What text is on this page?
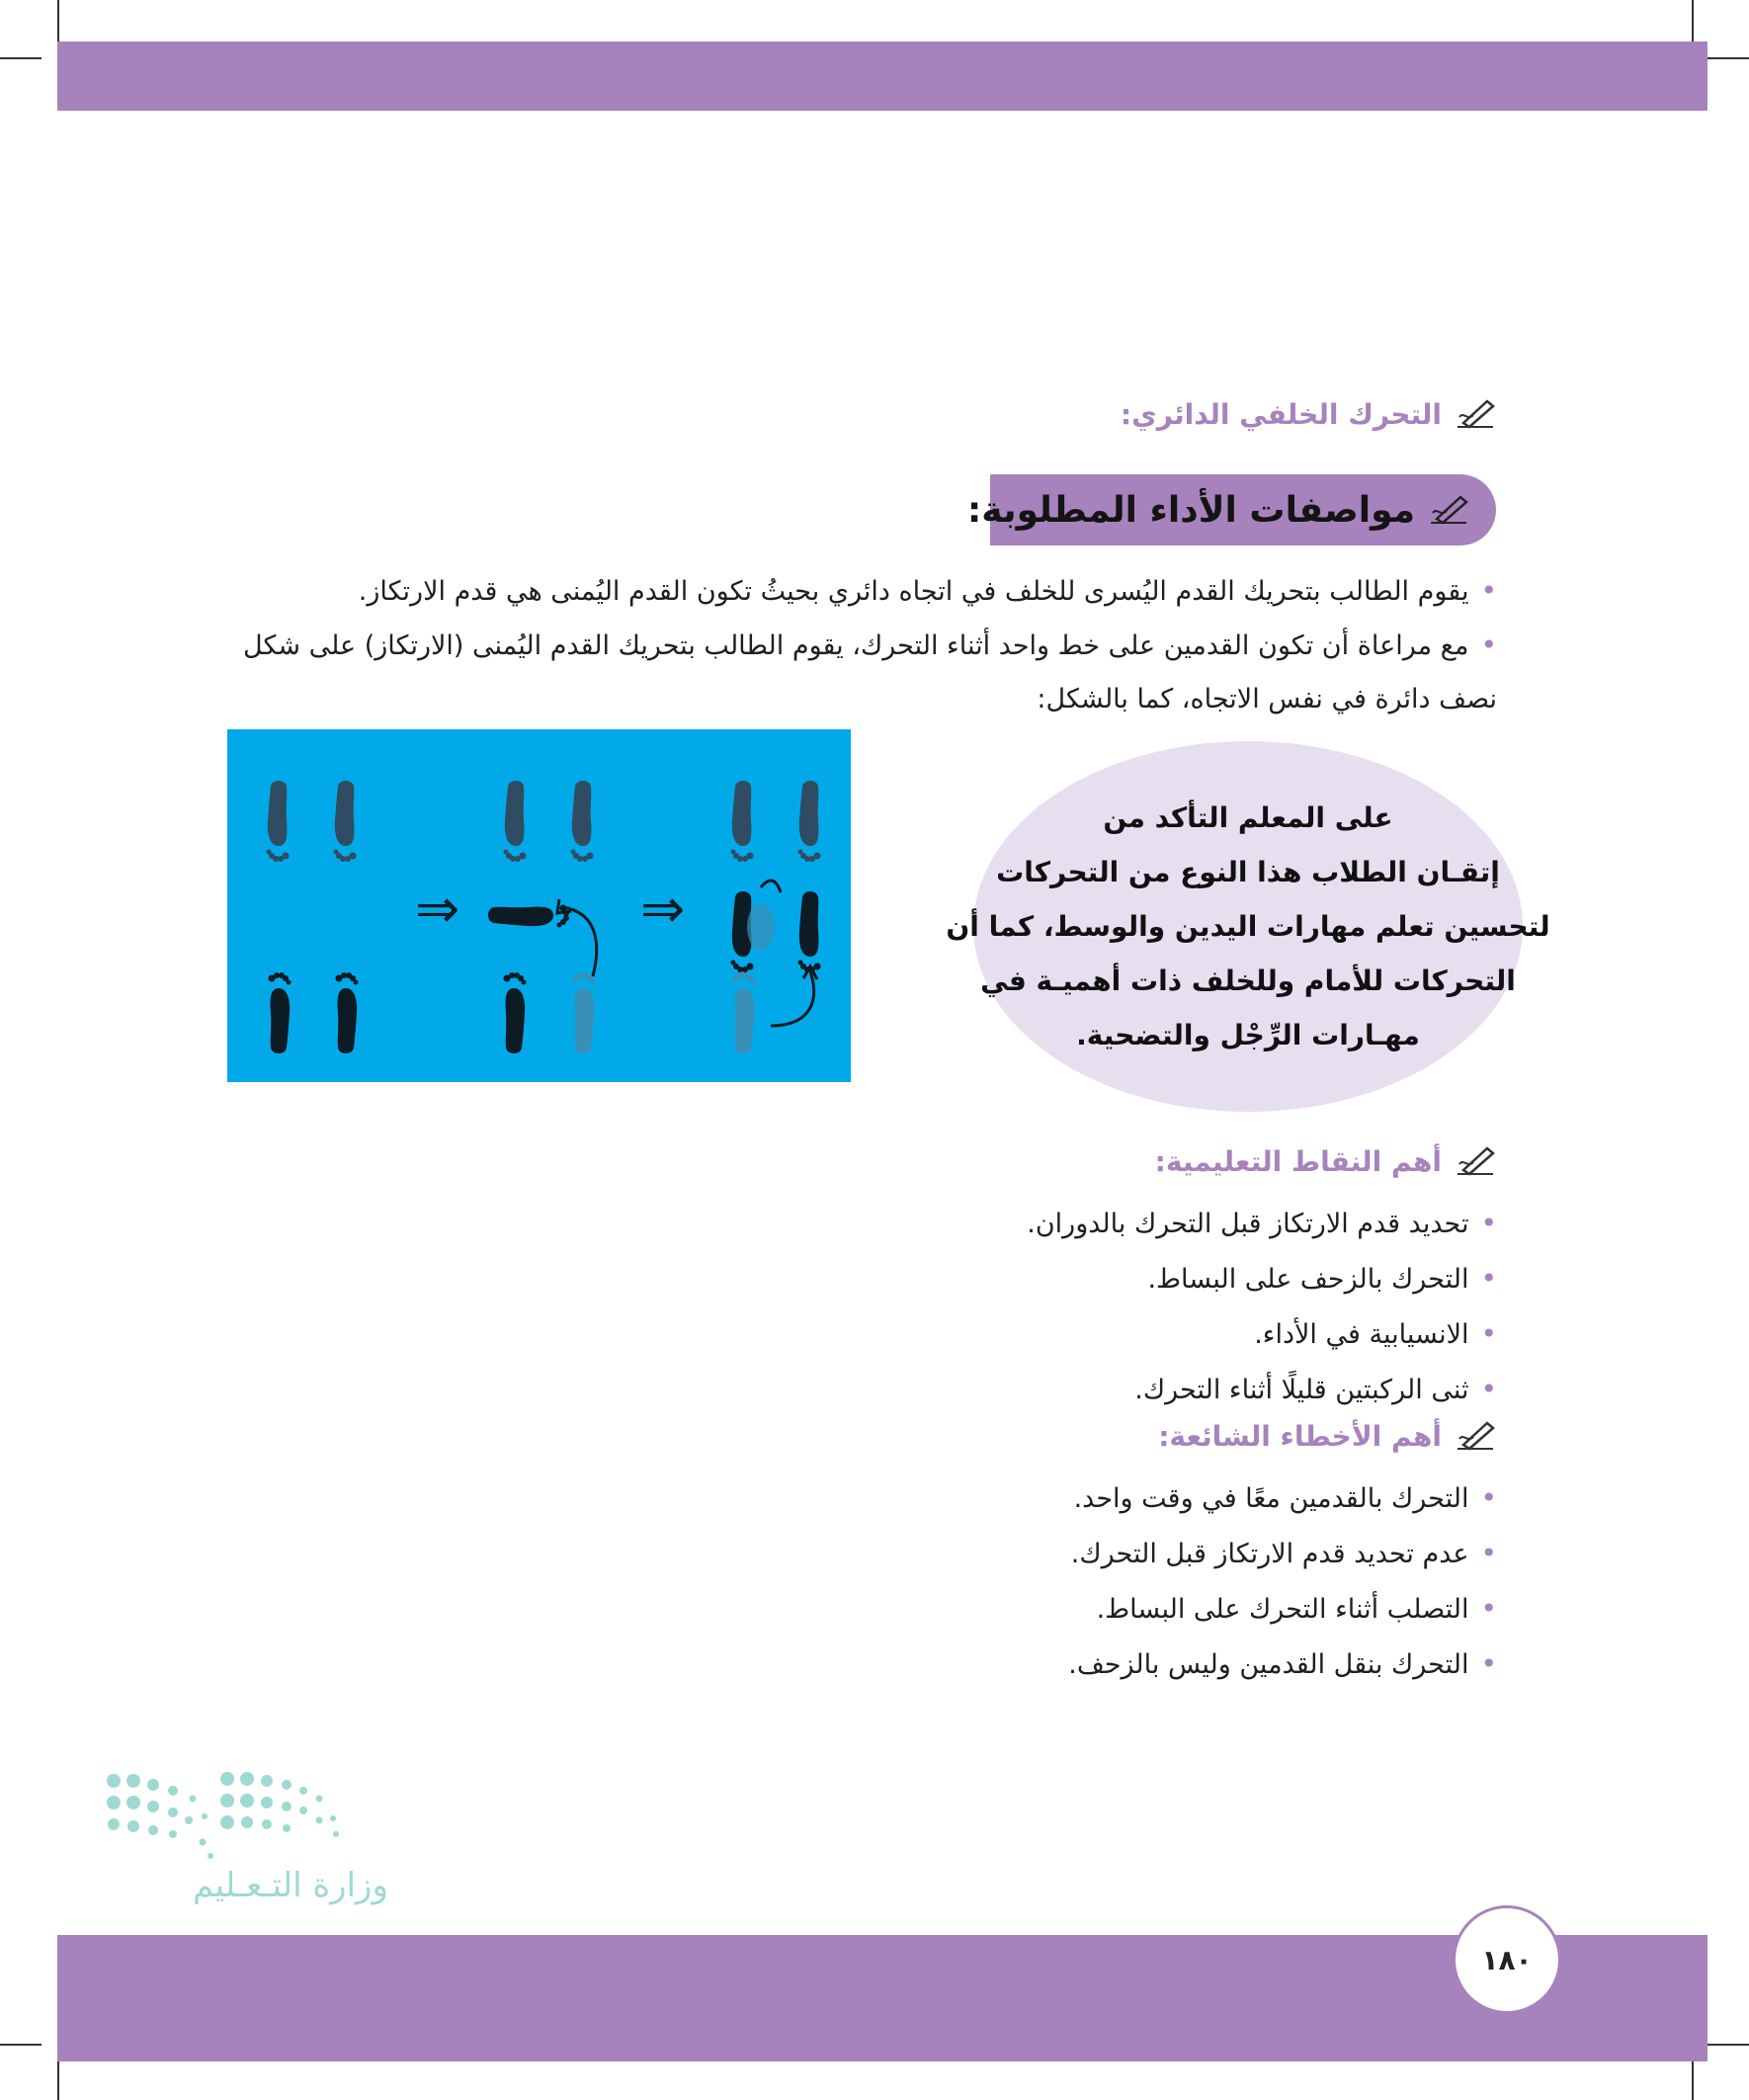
التحرك الخلفي الدائري:
مواصفات الأداء المطلوبة:
• يقوم الطالب بتحريك القدم اليُسرى للخلف في اتجاه دائري بحيثُ تكون القدم اليُمنى هي قدم الارتكاز.
• مع مراعاة أن تكون القدمين على خط واحد أثناء التحرك، يقوم الطالب بتحريك القدم اليُمنى (الارتكاز) على شكل
نصف دائرة في نفس الاتجاه، كما بالشكل:
⇒	⇒
على المعلم التأكد من
إتقـان الطلاب هذا النوع من التحركات
لتحسين تعلم مهارات اليدين والوسط، كما أن
التحركات للأمام وللخلف ذات أهميـة في
مهـارات الرِّجْل والتضحية.
أهم النقاط التعليمية:
• تحديد قدم الارتكاز قبل التحرك بالدوران.
• التحرك بالزحف على البساط.
• الانسيابية في الأداء.
• ثنى الركبتين قليلًا أثناء التحرك.
أهم الأخطاء الشائعة:
• التحرك بالقدمين معًا في وقت واحد.
• عدم تحديد قدم الارتكاز قبل التحرك.
• التصلب أثناء التحرك على البساط.
• التحرك بنقل القدمين وليس بالزحف.
وزارة التـعـليم
١٨٠
